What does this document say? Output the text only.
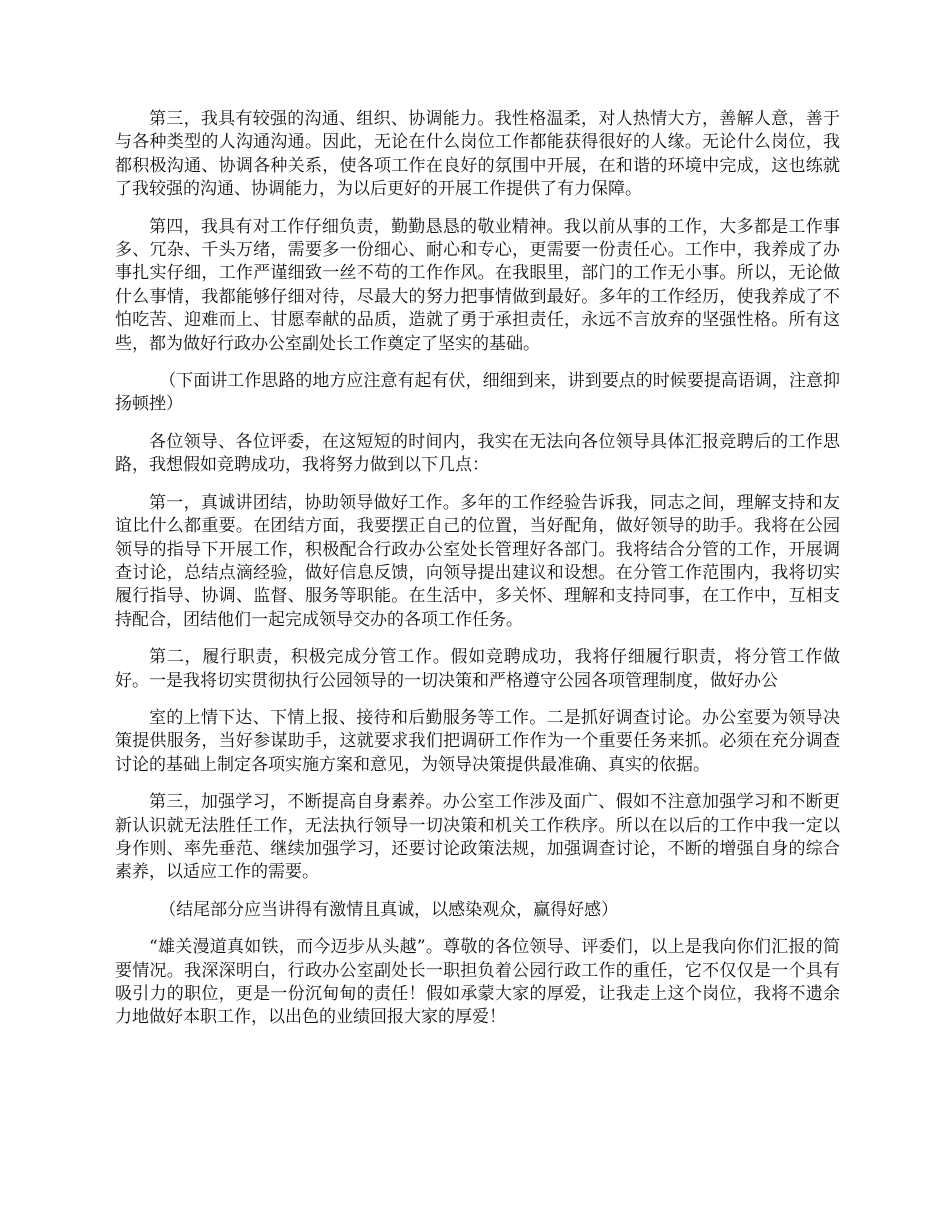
第三，我具有较强的沟通、组织、协调能力。我性格温柔，对人热情大方，善解人意，善于与各种类型的人沟通沟通。因此，无论在什么岗位工作都能获得很好的人缘。无论什么岗位，我都积极沟通、协调各种关系，使各项工作在良好的氛围中开展，在和谐的环境中完成，这也练就了我较强的沟通、协调能力，为以后更好的开展工作提供了有力保障。

第四，我具有对工作仔细负责，勤勤恳恳的敬业精神。我以前从事的工作，大多都是工作事多、冗杂、千头万绪，需要多一份细心、耐心和专心，更需要一份责任心。工作中，我养成了办事扎实仔细，工作严谨细致一丝不苟的工作作风。在我眼里，部门的工作无小事。所以，无论做什么事情，我都能够仔细对待，尽最大的努力把事情做到最好。多年的工作经历，使我养成了不怕吃苦、迎难而上、甘愿奉献的品质，造就了勇于承担责任，永远不言放弃的坚强性格。所有这些，都为做好行政办公室副处长工作奠定了坚实的基础。

（下面讲工作思路的地方应注意有起有伏，细细到来，讲到要点的时候要提高语调，注意抑扬顿挫）

各位领导、各位评委，在这短短的时间内，我实在无法向各位领导具体汇报竞聘后的工作思路，我想假如竞聘成功，我将努力做到以下几点：

第一，真诚讲团结，协助领导做好工作。多年的工作经验告诉我，同志之间，理解支持和友谊比什么都重要。在团结方面，我要摆正自己的位置，当好配角，做好领导的助手。我将在公园领导的指导下开展工作，积极配合行政办公室处长管理好各部门。我将结合分管的工作，开展调查讨论，总结点滴经验，做好信息反馈，向领导提出建议和设想。在分管工作范围内，我将切实履行指导、协调、监督、服务等职能。在生活中，多关怀、理解和支持同事，在工作中，互相支持配合，团结他们一起完成领导交办的各项工作任务。

第二，履行职责，积极完成分管工作。假如竞聘成功，我将仔细履行职责，将分管工作做好。一是我将切实贯彻执行公园领导的一切决策和严格遵守公园各项管理制度，做好办公

室的上情下达、下情上报、接待和后勤服务等工作。二是抓好调查讨论。办公室要为领导决策提供服务，当好参谋助手，这就要求我们把调研工作作为一个重要任务来抓。必须在充分调查讨论的基础上制定各项实施方案和意见，为领导决策提供最准确、真实的依据。

第三，加强学习，不断提高自身素养。办公室工作涉及面广、假如不注意加强学习和不断更新认识就无法胜任工作，无法执行领导一切决策和机关工作秩序。所以在以后的工作中我一定以身作则、率先垂范、继续加强学习，还要讨论政策法规，加强调查讨论，不断的增强自身的综合素养，以适应工作的需要。

（结尾部分应当讲得有激情且真诚，以感染观众，赢得好感）

“雄关漫道真如铁，而今迈步从头越”。尊敬的各位领导、评委们，以上是我向你们汇报的简要情况。我深深明白，行政办公室副处长一职担负着公园行政工作的重任，它不仅仅是一个具有吸引力的职位，更是一份沉甸甸的责任！假如承蒙大家的厚爱，让我走上这个岗位，我将不遗余力地做好本职工作，以出色的业绩回报大家的厚爱！
